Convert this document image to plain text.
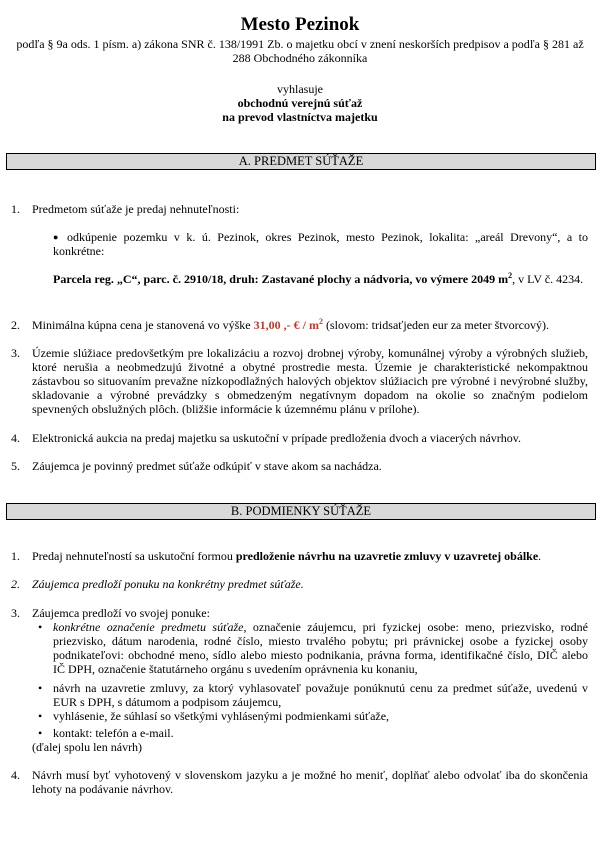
Mesto Pezinok
podľa § 9a ods. 1 písm. a) zákona SNR č. 138/1991 Zb. o majetku obcí v znení neskorších predpisov a podľa § 281 až 288 Obchodného zákonníka
vyhlasuje
obchodnú verejnú súťaž
na prevod vlastníctva majetku
A. PREDMET SÚŤAŽE
1. Predmetom súťaže je predaj nehnuteľnosti:
● odkúpenie pozemku v k. ú. Pezinok, okres Pezinok, mesto Pezinok, lokalita: „areál Drevony“, a to konkrétne:
Parcela reg. „C“, parc. č. 2910/18, druh: Zastavané plochy a nádvoria, vo výmere 2049 $m^2$, v LV č. 4234.
2. Minimálna kúpna cena je stanovená vo výške 31,00 ,- € / $m^2$ (slovom: tridsaťjeden eur za meter štvorcový).
3. Územie slúžiace predovšetkým pre lokalizáciu a rozvoj drobnej výroby, komunálnej výroby a výrobných služieb, ktoré nerušia a neobmedzujú životné a obytné prostredie mesta. Územie je charakteristické nekompaktnou zástavbou so situovaním prevažne nízkopodlažných halových objektov slúžiacich pre výrobné i nevýrobné služby, skladovanie a výrobné prevádzky s obmedzeným negatívnym dopadom na okolie so značným podielom spevnených obslužných plôch. (bližšie informácie k územnému plánu v prílohe).
4. Elektronická aukcia na predaj majetku sa uskutoční v prípade predloženia dvoch a viacerých návrhov.
5. Záujemca je povinný predmet súťaže odkúpiť v stave akom sa nachádza.
B. PODMIENKY SÚŤAŽE
1. Predaj nehnuteľností sa uskutoční formou predloženie návrhu na uzavretie zmluvy v uzavretej obálke.
2. Záujemca predloží ponuku na konkrétny predmet súťaže.
3. Záujemca predloží vo svojej ponuke:
• konkrétne označenie predmetu súťaže, označenie záujemcu, pri fyzickej osobe: meno, priezvisko, rodné priezvisko, dátum narodenia, rodné číslo, miesto trvalého pobytu; pri právnickej osobe a fyzickej osoby podnikateľovi: obchodné meno, sídlo alebo miesto podnikania, právna forma, identifikačné číslo, DIČ alebo IČ DPH, označenie štatutárneho orgánu s uvedením oprávnenia ku konaniu,
• návrh na uzavretie zmluvy, za ktorý vyhlasovateľ považuje ponúknutú cenu za predmet súťaže, uvedenú v EUR s DPH, s dátumom a podpisom záujemcu,
• vyhlásenie, že súhlasí so všetkými vyhlásenými podmienkami súťaže,
• kontakt: telefón a e-mail.
(ďalej spolu len návrh)
4. Návrh musí byť vyhotovený v slovenskom jazyku a je možné ho meniť, doplňať alebo odvolať iba do skončenia lehoty na podávanie návrhov.
